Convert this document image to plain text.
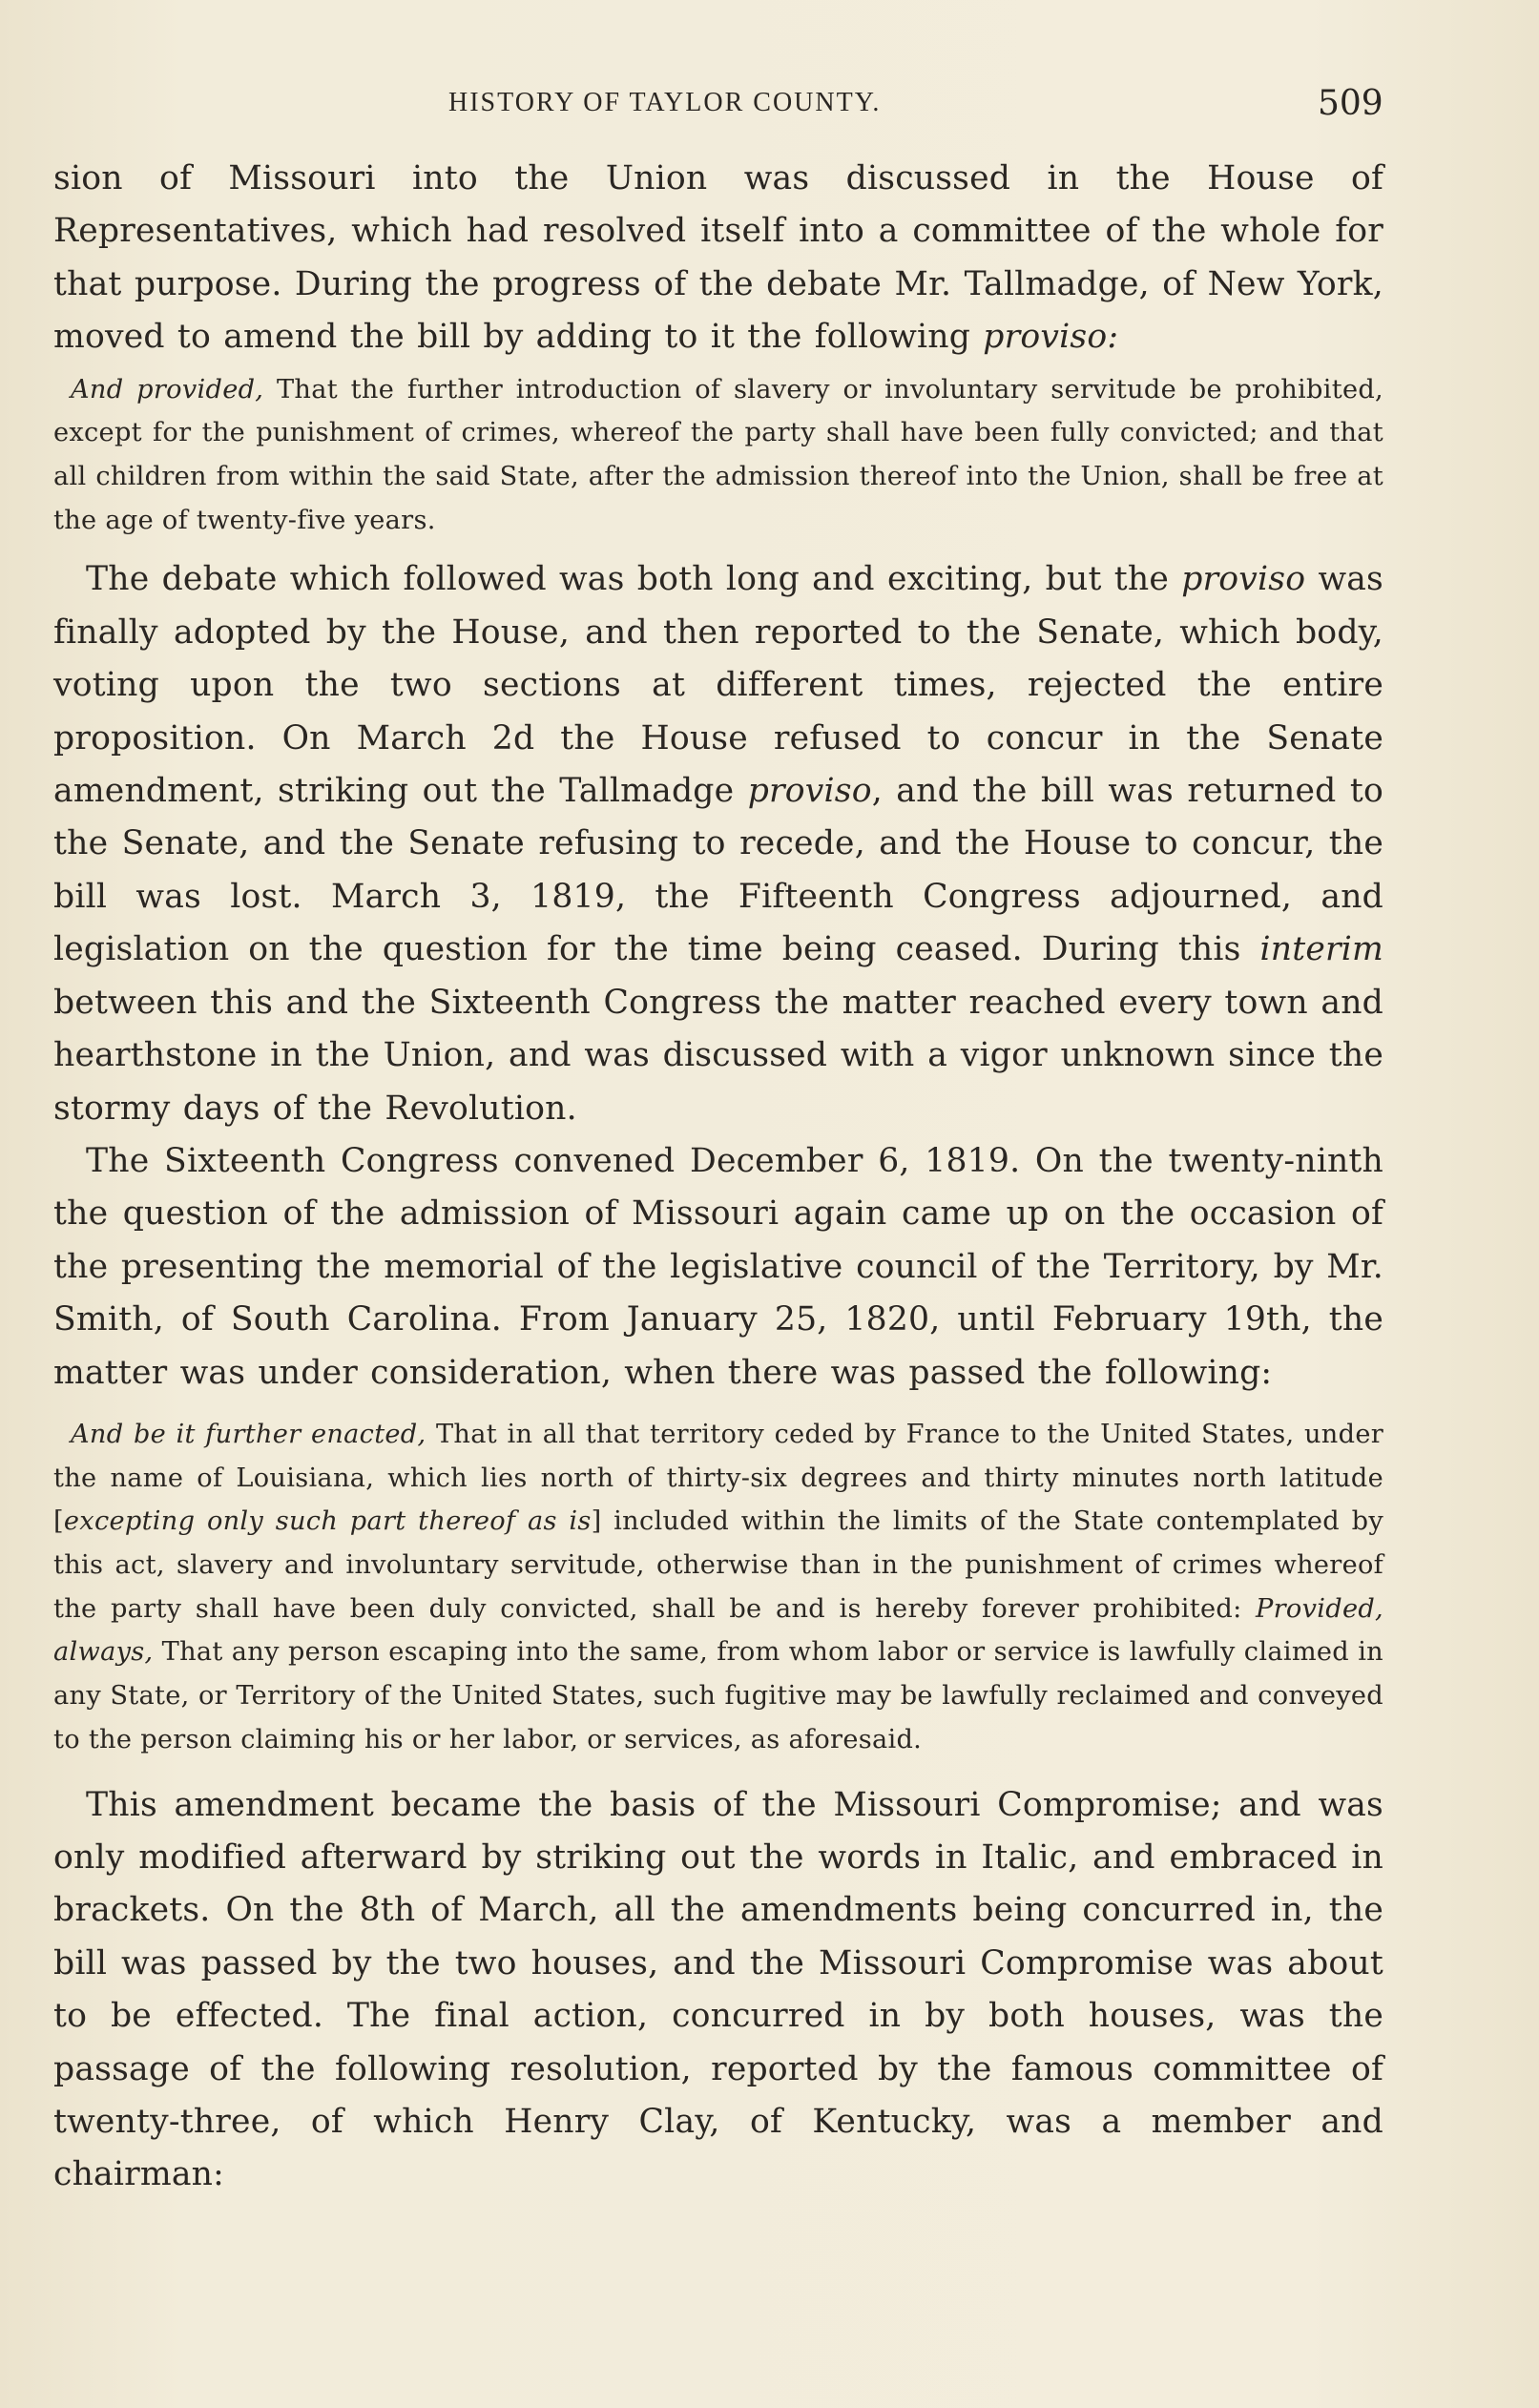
HISTORY OF TAYLOR COUNTY.	509

sion of Missouri into the Union was discussed in the House of Representatives, which had resolved itself into a committee of the whole for that purpose. During the progress of the debate Mr. Tallmadge, of New York, moved to amend the bill by adding to it the following proviso:

And provided, That the further introduction of slavery or involuntary servitude be prohibited, except for the punishment of crimes, whereof the party shall have been fully convicted; and that all children from within the said State, after the admission thereof into the Union, shall be free at the age of twenty-five years.

The debate which followed was both long and exciting, but the proviso was finally adopted by the House, and then reported to the Senate, which body, voting upon the two sections at different times, rejected the entire proposition. On March 2d the House refused to concur in the Senate amendment, striking out the Tallmadge proviso, and the bill was returned to the Senate, and the Senate refusing to recede, and the House to concur, the bill was lost. March 3, 1819, the Fifteenth Congress adjourned, and legislation on the question for the time being ceased. During this interim between this and the Sixteenth Congress the matter reached every town and hearthstone in the Union, and was discussed with a vigor unknown since the stormy days of the Revolution.

The Sixteenth Congress convened December 6, 1819. On the twenty-ninth the question of the admission of Missouri again came up on the occasion of the presenting the memorial of the legislative council of the Territory, by Mr. Smith, of South Carolina. From January 25, 1820, until February 19th, the matter was under consideration, when there was passed the following:

And be it further enacted, That in all that territory ceded by France to the United States, under the name of Louisiana, which lies north of thirty-six degrees and thirty minutes north latitude [excepting only such part thereof as is] included within the limits of the State contemplated by this act, slavery and involuntary servitude, otherwise than in the punishment of crimes whereof the party shall have been duly convicted, shall be and is hereby forever prohibited: Provided, always, That any person escaping into the same, from whom labor or service is lawfully claimed in any State, or Territory of the United States, such fugitive may be lawfully reclaimed and conveyed to the person claiming his or her labor, or services, as aforesaid.

This amendment became the basis of the Missouri Compromise; and was only modified afterward by striking out the words in Italic, and embraced in brackets. On the 8th of March, all the amendments being concurred in, the bill was passed by the two houses, and the Missouri Compromise was about to be effected. The final action, concurred in by both houses, was the passage of the following resolution, reported by the famous committee of twenty-three, of which Henry Clay, of Kentucky, was a member and chairman:
